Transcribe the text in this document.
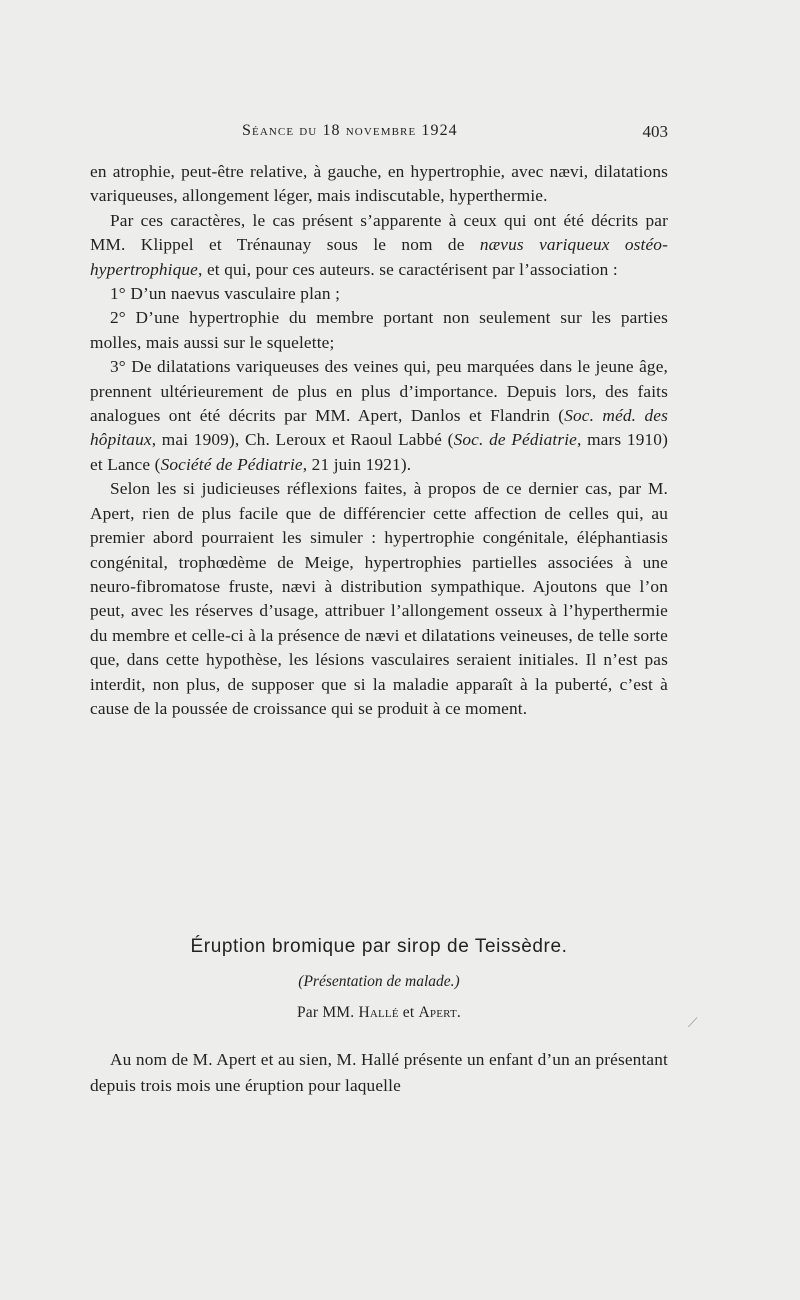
Séance du 18 novembre 1924	403

en atrophie, peut-être relative, à gauche, en hypertrophie, avec nævi, dilatations variqueuses, allongement léger, mais indiscutable, hyperthermie.

Par ces caractères, le cas présent s’apparente à ceux qui ont été décrits par MM. Klippel et Trénaunay sous le nom de nævus variqueux ostéo-hypertrophique, et qui, pour ces auteurs. se caractérisent par l’association :

1° D’un naevus vasculaire plan ;

2° D’une hypertrophie du membre portant non seulement sur les parties molles, mais aussi sur le squelette;

3° De dilatations variqueuses des veines qui, peu marquées dans le jeune âge, prennent ultérieurement de plus en plus d’importance. Depuis lors, des faits analogues ont été décrits par MM. Apert, Danlos et Flandrin (Soc. méd. des hôpitaux, mai 1909), Ch. Leroux et Raoul Labbé (Soc. de Pédiatrie, mars 1910) et Lance (Société de Pédiatrie, 21 juin 1921).

Selon les si judicieuses réflexions faites, à propos de ce dernier cas, par M. Apert, rien de plus facile que de différencier cette affection de celles qui, au premier abord pourraient les simuler : hypertrophie congénitale, éléphantiasis congénital, trophœdème de Meige, hypertrophies partielles associées à une neuro-fibromatose fruste, nævi à distribution sympathique. Ajoutons que l’on peut, avec les réserves d’usage, attribuer l’allongement osseux à l’hyperthermie du membre et celle-ci à la présence de nævi et dilatations veineuses, de telle sorte que, dans cette hypothèse, les lésions vasculaires seraient initiales. Il n’est pas interdit, non plus, de supposer que si la maladie apparaît à la puberté, c’est à cause de la poussée de croissance qui se produit à ce moment.

Éruption bromique par sirop de Teissèdre.
(Présentation de malade.)
Par MM. Hallé et Apert.

Au nom de M. Apert et au sien, M. Hallé présente un enfant d’un an présentant depuis trois mois une éruption pour laquelle

/
